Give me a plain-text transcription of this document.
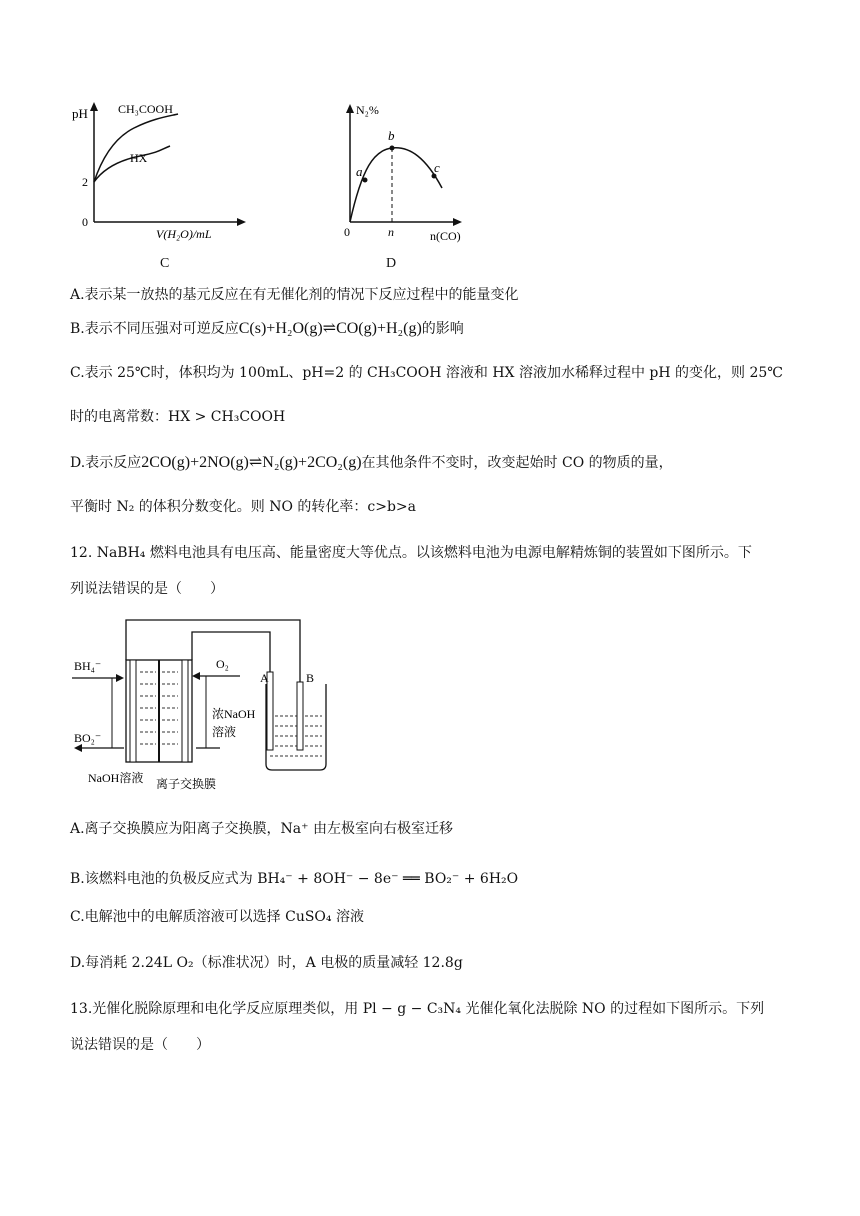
pH	CH₃COOH
HX
2
0
V(H₂O)/mL
C
N₂%
a
b
c
0	n	n(CO)
D
A.表示某一放热的基元反应在有无催化剂的情况下反应过程中的能量变化
B.表示不同压强对可逆反应C(s)+H₂O(g)⇌CO(g)+H₂(g)的影响
C.表示 25℃时，体积均为 100mL、pH=2 的 CH₃COOH 溶液和 HX 溶液加水稀释过程中 pH 的变化，则 25℃
时的电离常数：HX > CH₃COOH
D.表示反应2CO(g)+2NO(g)⇌N₂(g)+2CO₂(g)在其他条件不变时，改变起始时 CO 的物质的量，
平衡时 N₂ 的体积分数变化。则 NO 的转化率：c>b>a
12. NaBH₄ 燃料电池具有电压高、能量密度大等优点。以该燃料电池为电源电解精炼铜的装置如下图所示。下
列说法错误的是（　　）
BH₄⁻
BO₂⁻
O₂
浓NaOH
溶液
NaOH溶液 离子交换膜
A	B
A.离子交换膜应为阳离子交换膜，Na⁺ 由左极室向右极室迁移
B.该燃料电池的负极反应式为 BH₄⁻ + 8OH⁻ − 8e⁻ ══ BO₂⁻ + 6H₂O
C.电解池中的电解质溶液可以选择 CuSO₄ 溶液
D.每消耗 2.24L O₂（标准状况）时，A 电极的质量减轻 12.8g
13.光催化脱除原理和电化学反应原理类似，用 Pl − g − C₃N₄ 光催化氧化法脱除 NO 的过程如下图所示。下列
说法错误的是（　　）
